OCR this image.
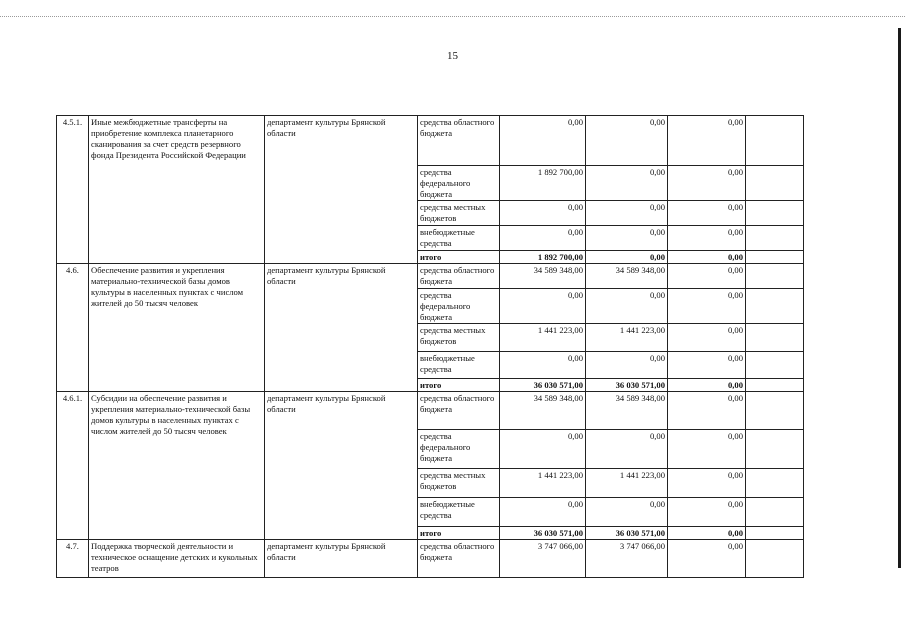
15
4.5.1.	Иные межбюджетные трансферты на приобретение комплекса планетарного сканирования за счет средств резервного фонда Президента Российской Федерации	департамент культуры Брянской области	средства областного бюджета	0,00	0,00	0,00	
			средства федерального бюджета	1 892 700,00	0,00	0,00	
			средства местных бюджетов	0,00	0,00	0,00	
			внебюджетные средства	0,00	0,00	0,00	
			итого	1 892 700,00	0,00	0,00	
4.6.	Обеспечение развития и укрепления материально-технической базы домов культуры в населенных пунктах с числом жителей до 50 тысяч человек	департамент культуры Брянской области	средства областного бюджета	34 589 348,00	34 589 348,00	0,00	
			средства федерального бюджета	0,00	0,00	0,00	
			средства местных бюджетов	1 441 223,00	1 441 223,00	0,00	
			внебюджетные средства	0,00	0,00	0,00	
			итого	36 030 571,00	36 030 571,00	0,00	
4.6.1.	Субсидии на обеспечение развития и укрепления материально-технической базы домов культуры в населенных пунктах с числом жителей до 50 тысяч человек	департамент культуры Брянской области	средства областного бюджета	34 589 348,00	34 589 348,00	0,00	
			средства федерального бюджета	0,00	0,00	0,00	
			средства местных бюджетов	1 441 223,00	1 441 223,00	0,00	
			внебюджетные средства	0,00	0,00	0,00	
			итого	36 030 571,00	36 030 571,00	0,00	
4.7.	Поддержка творческой деятельности и техническое оснащение детских и кукольных театров	департамент культуры Брянской области	средства областного бюджета	3 747 066,00	3 747 066,00	0,00	
